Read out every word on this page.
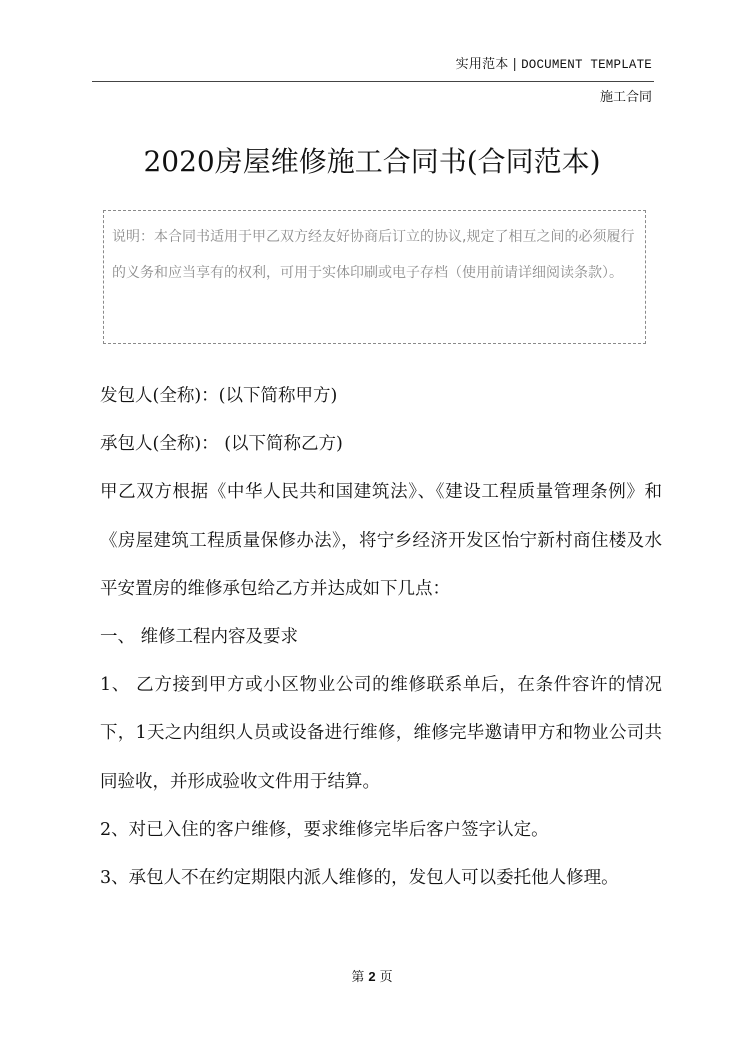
实用范本 | DOCUMENT TEMPLATE
施工合同
2020房屋维修施工合同书(合同范本)
说明：本合同书适用于甲乙双方经友好协商后订立的协议,规定了相互之间的必须履行的义务和应当享有的权利，可用于实体印刷或电子存档（使用前请详细阅读条款）。

发包人(全称)：(以下简称甲方)

承包人(全称)： (以下简称乙方)

甲乙双方根据《中华人民共和国建筑法》、《建设工程质量管理条例》和《房屋建筑工程质量保修办法》，将宁乡经济开发区怡宁新村商住楼及水平安置房的维修承包给乙方并达成如下几点：

一、 维修工程内容及要求

1、 乙方接到甲方或小区物业公司的维修联系单后，在条件容许的情况下，1天之内组织人员或设备进行维修，维修完毕邀请甲方和物业公司共同验收，并形成验收文件用于结算。

2、对已入住的客户维修，要求维修完毕后客户签字认定。

3、承包人不在约定期限内派人维修的，发包人可以委托他人修理。

第 2 页
